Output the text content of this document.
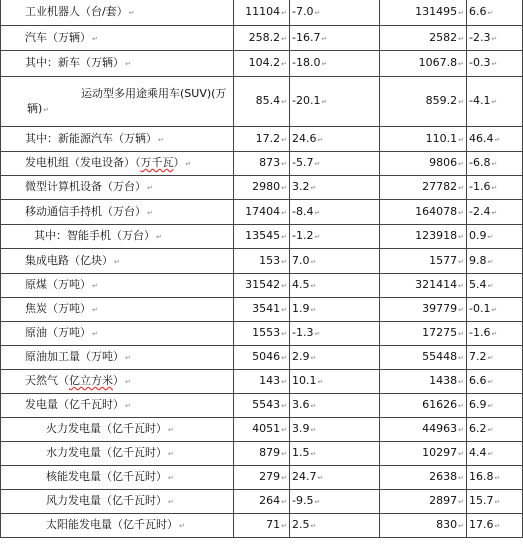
工业机器人（台/套）↵	11104↵	-7.0↵	131495↵	6.6↵
汽车（万辆）↵	258.2↵	-16.7↵	2582↵	-2.3↵
其中：新车（万辆）↵	104.2↵	-18.0↵	1067.8↵	-0.3↵

运动型多用途乘用车(SUV)(万
辆)↵	85.4↵	-20.1↵	859.2↵	-4.1↵
其中：新能源汽车（万辆）↵	17.2↵	24.6↵	110.1↵	46.4↵
发电机组（发电设备）（万千瓦）↵	873↵	-5.7↵	9806↵	-6.8↵
微型计算机设备（万台）↵	2980↵	3.2↵	27782↵	-1.6↵
移动通信手持机（万台）↵	17404↵	-8.4↵	164078↵	-2.4↵
其中：智能手机（万台）↵	13545↵	-1.2↵	123918↵	0.9↵
集成电路（亿块）↵	153↵	7.0↵	1577↵	9.8↵
原煤（万吨）↵	31542↵	4.5↵	321414↵	5.4↵
焦炭（万吨）↵	3541↵	1.9↵	39779↵	-0.1↵
原油（万吨）↵	1553↵	-1.3↵	17275↵	-1.6↵
原油加工量（万吨）↵	5046↵	2.9↵	55448↵	7.2↵
天然气（亿立方米）↵	143↵	10.1↵	1438↵	6.6↵
发电量（亿千瓦时）↵	5543↵	3.6↵	61626↵	6.9↵
火力发电量（亿千瓦时）↵	4051↵	3.9↵	44963↵	6.2↵
水力发电量（亿千瓦时）↵	879↵	1.5↵	10297↵	4.4↵
核能发电量（亿千瓦时）↵	279↵	24.7↵	2638↵	16.8↵
风力发电量（亿千瓦时）↵	264↵	-9.5↵	2897↵	15.7↵
太阳能发电量（亿千瓦时）↵	71↵	2.5↵	830↵	17.6↵
